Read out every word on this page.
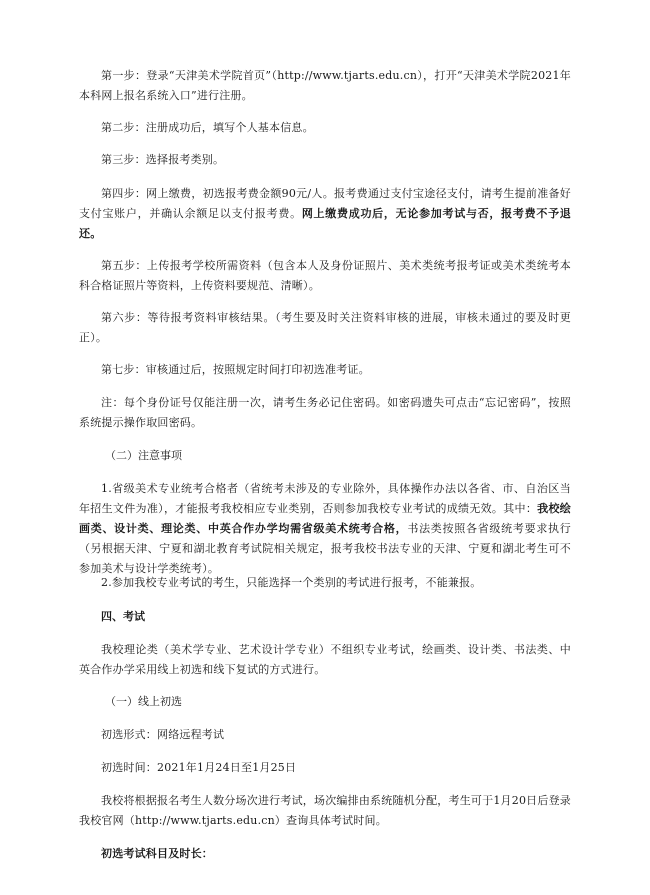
第一步：登录“天津美术学院首页”（http://www.tjarts.edu.cn），打开“天津美术学院2021年本科网上报名系统入口”进行注册。

第二步：注册成功后，填写个人基本信息。

第三步：选择报考类别。

第四步：网上缴费，初选报考费金额90元/人。报考费通过支付宝途径支付，请考生提前准备好支付宝账户，并确认余额足以支付报考费。网上缴费成功后，无论参加考试与否，报考费不予退还。

第五步：上传报考学校所需资料（包含本人及身份证照片、美术类统考报考证或美术类统考本科合格证照片等资料，上传资料要规范、清晰）。

第六步：等待报考资料审核结果。（考生要及时关注资料审核的进展，审核未通过的要及时更正）。

第七步：审核通过后，按照规定时间打印初选准考证。

注：每个身份证号仅能注册一次，请考生务必记住密码。如密码遗失可点击“忘记密码”，按照系统提示操作取回密码。

（二）注意事项

1.省级美术专业统考合格者（省统考未涉及的专业除外，具体操作办法以各省、市、自治区当年招生文件为准），才能报考我校相应专业类别，否则参加我校专业考试的成绩无效。其中：我校绘画类、设计类、理论类、中英合作办学均需省级美术统考合格，书法类按照各省级统考要求执行（另根据天津、宁夏和湖北教育考试院相关规定，报考我校书法专业的天津、宁夏和湖北考生可不参加美术与设计学类统考）。

2.参加我校专业考试的考生，只能选择一个类别的考试进行报考，不能兼报。

四、考试

我校理论类（美术学专业、艺术设计学专业）不组织专业考试，绘画类、设计类、书法类、中英合作办学采用线上初选和线下复试的方式进行。

（一）线上初选

初选形式：网络远程考试

初选时间：2021年1月24日至1月25日

我校将根据报名考生人数分场次进行考试，场次编排由系统随机分配，考生可于1月20日后登录我校官网（http://www.tjarts.edu.cn）查询具体考试时间。

初选考试科目及时长：
